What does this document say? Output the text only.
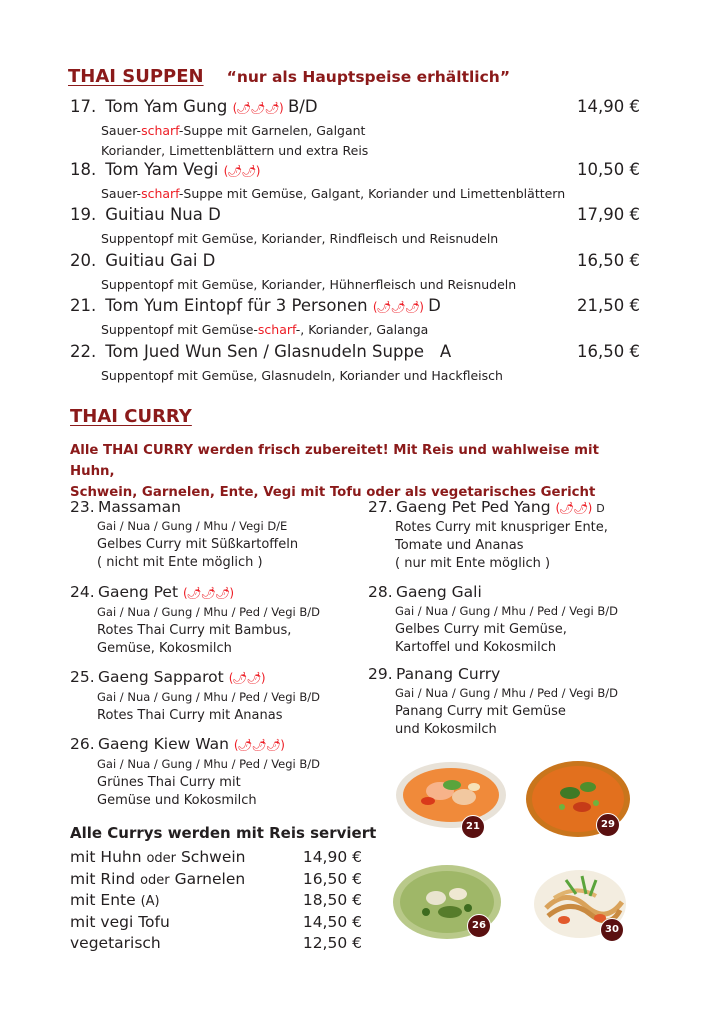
THAI SUPPEN “nur als Hauptspeise erhältlich”
17. Tom Yam Gung (🌶🌶🌶) B/D	14,90 €
Sauer-scharf-Suppe mit Garnelen, Galgant
Koriander, Limettenblättern und extra Reis
18. Tom Yam Vegi (🌶🌶)	10,50 €
Sauer-scharf-Suppe mit Gemüse, Galgant, Koriander und Limettenblättern
19. Guitiau Nua D	17,90 €
Suppentopf mit Gemüse, Koriander, Rindfleisch und Reisnudeln
20. Guitiau Gai D	16,50 €
Suppentopf mit Gemüse, Koriander, Hühnerfleisch und Reisnudeln
21. Tom Yum Eintopf für 3 Personen (🌶🌶🌶) D	21,50 €
Suppentopf mit Gemüse-scharf-, Koriander, Galanga
22. Tom Jued Wun Sen / Glasnudeln Suppe   A	16,50 €
Suppentopf mit Gemüse, Glasnudeln, Koriander und Hackfleisch
THAI CURRY
Alle THAI CURRY werden frisch zubereitet! Mit Reis und wahlweise mit Huhn,
Schwein, Garnelen, Ente, Vegi mit Tofu oder als vegetarisches Gericht
23. Massaman
Gai / Nua / Gung / Mhu / Vegi D/E
Gelbes Curry mit Süßkartoffeln
( nicht mit Ente möglich )
24. Gaeng Pet (🌶🌶🌶)
Gai / Nua / Gung / Mhu / Ped / Vegi B/D
Rotes Thai Curry mit Bambus,
Gemüse, Kokosmilch
25. Gaeng Sapparot (🌶🌶)
Gai / Nua / Gung / Mhu / Ped / Vegi B/D
Rotes Thai Curry mit Ananas
26. Gaeng Kiew Wan (🌶🌶🌶)
Gai / Nua / Gung / Mhu / Ped / Vegi B/D
Grünes Thai Curry mit
Gemüse und Kokosmilch
27. Gaeng Pet Ped Yang (🌶🌶) D
Rotes Curry mit knuspriger Ente,
Tomate und Ananas
( nur mit Ente möglich )
28. Gaeng Gali
Gai / Nua / Gung / Mhu / Ped / Vegi B/D
Gelbes Curry mit Gemüse,
Kartoffel und Kokosmilch
29. Panang Curry
Gai / Nua / Gung / Mhu / Ped / Vegi B/D
Panang Curry mit Gemüse
und Kokosmilch
Alle Currys werden mit Reis serviert
mit Huhn oder Schwein	14,90 €
mit Rind oder Garnelen	16,50 €
mit Ente (A)	18,50 €
mit vegi Tofu	14,50 €
vegetarisch	12,50 €
21	29
26	30
